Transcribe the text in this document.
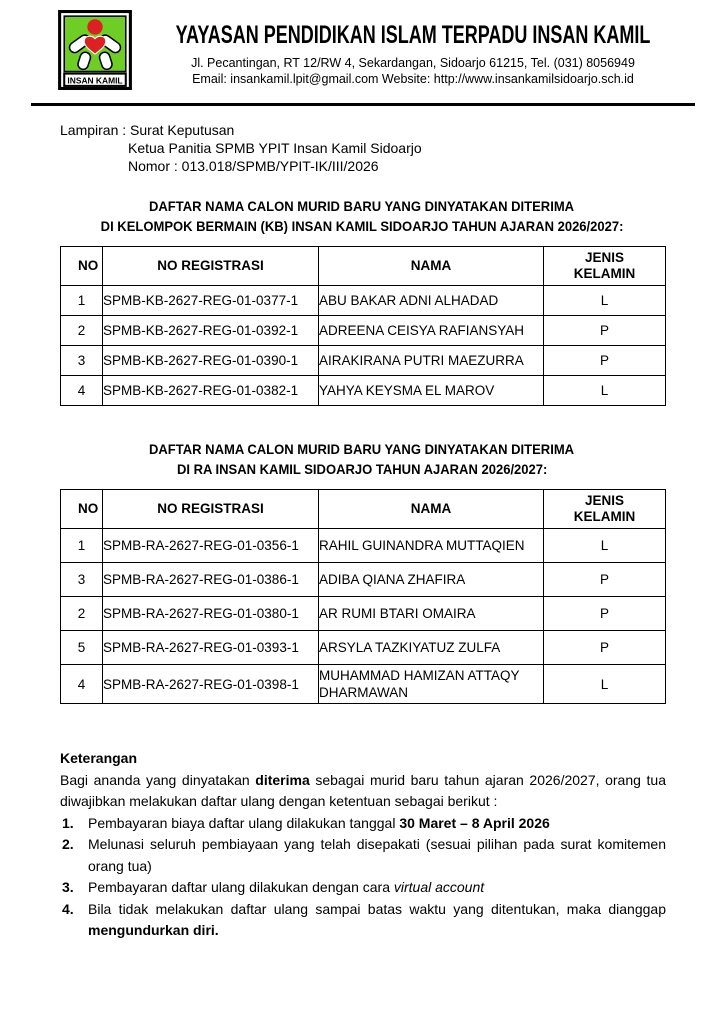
INSAN KAMIL
YAYASAN PENDIDIKAN ISLAM TERPADU INSAN KAMIL
Jl. Pecantingan, RT 12/RW 4, Sekardangan, Sidoarjo 61215, Tel. (031) 8056949
Email: insankamil.lpit@gmail.com Website: http://www.insankamilsidoarjo.sch.id
Lampiran : Surat Keputusan
Ketua Panitia SPMB YPIT Insan Kamil Sidoarjo
Nomor : 013.018/SPMB/YPIT-IK/III/2026
DAFTAR NAMA CALON MURID BARU YANG DINYATAKAN DITERIMA
DI KELOMPOK BERMAIN (KB) INSAN KAMIL SIDOARJO TAHUN AJARAN 2026/2027:
NO	NO REGISTRASI	NAMA	JENIS KELAMIN
1	SPMB-KB-2627-REG-01-0377-1	ABU BAKAR ADNI ALHADAD	L
2	SPMB-KB-2627-REG-01-0392-1	ADREENA CEISYA RAFIANSYAH	P
3	SPMB-KB-2627-REG-01-0390-1	AIRAKIRANA PUTRI MAEZURRA	P
4	SPMB-KB-2627-REG-01-0382-1	YAHYA KEYSMA EL MAROV	L
DAFTAR NAMA CALON MURID BARU YANG DINYATAKAN DITERIMA
DI RA INSAN KAMIL SIDOARJO TAHUN AJARAN 2026/2027:
NO	NO REGISTRASI	NAMA	JENIS KELAMIN
1	SPMB-RA-2627-REG-01-0356-1	RAHIL GUINANDRA MUTTAQIEN	L
3	SPMB-RA-2627-REG-01-0386-1	ADIBA QIANA ZHAFIRA	P
2	SPMB-RA-2627-REG-01-0380-1	AR RUMI BTARI OMAIRA	P
5	SPMB-RA-2627-REG-01-0393-1	ARSYLA TAZKIYATUZ ZULFA	P
4	SPMB-RA-2627-REG-01-0398-1	MUHAMMAD HAMIZAN ATTAQY DHARMAWAN	L
Keterangan
Bagi ananda yang dinyatakan diterima sebagai murid baru tahun ajaran 2026/2027, orang tua diwajibkan melakukan daftar ulang dengan ketentuan sebagai berikut :
1.	Pembayaran biaya daftar ulang dilakukan tanggal 30 Maret – 8 April 2026
2.	Melunasi seluruh pembiayaan yang telah disepakati (sesuai pilihan pada surat komitemen orang tua)
3.	Pembayaran daftar ulang dilakukan dengan cara virtual account
4.	Bila tidak melakukan daftar ulang sampai batas waktu yang ditentukan, maka dianggap mengundurkan diri.
